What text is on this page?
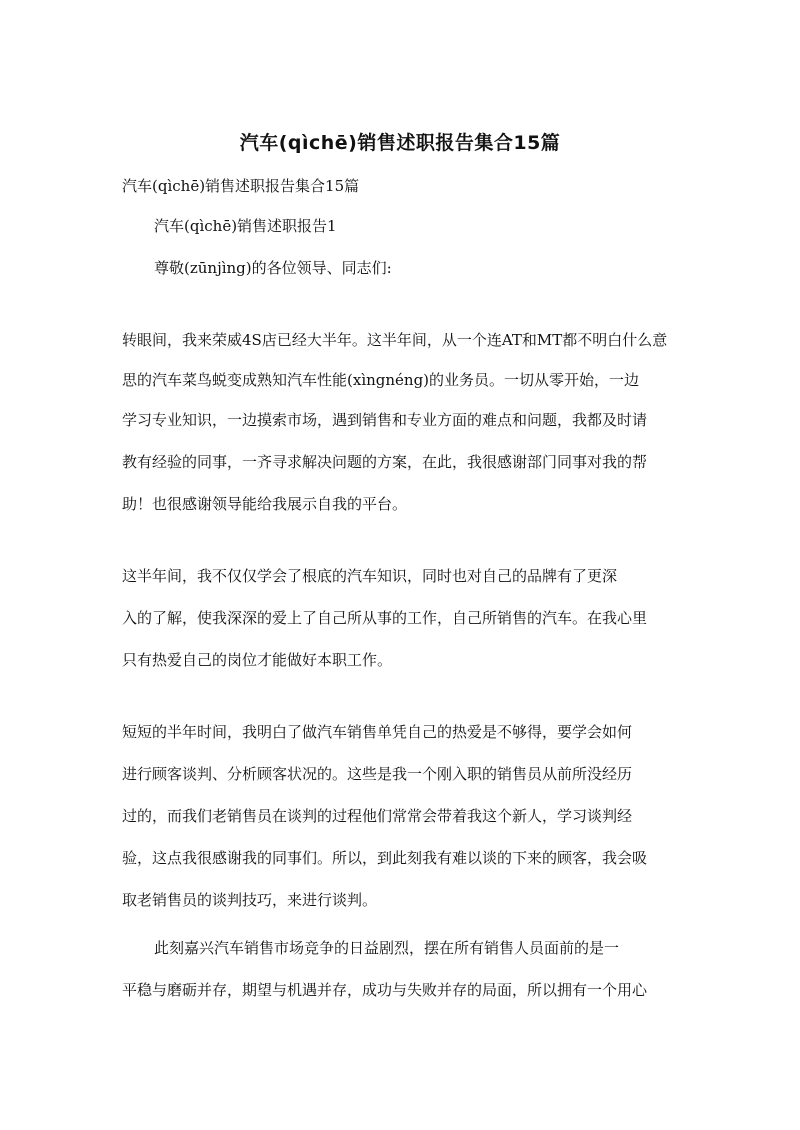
汽车(qìchē)销售述职报告集合15篇
汽车(qìchē)销售述职报告集合15篇
汽车(qìchē)销售述职报告1
尊敬(zūnjìng)的各位领导、同志们:
转眼间，我来荣威4S店已经大半年。这半年间，从一个连AT和MT都不明白什么意
思的汽车菜鸟蜕变成熟知汽车性能(xìngnéng)的业务员。一切从零开始，一边
学习专业知识，一边摸索市场，遇到销售和专业方面的难点和问题，我都及时请
教有经验的同事，一齐寻求解决问题的方案，在此，我很感谢部门同事对我的帮
助！也很感谢领导能给我展示自我的平台。
这半年间，我不仅仅学会了根底的汽车知识，同时也对自己的品牌有了更深
入的了解，使我深深的爱上了自己所从事的工作，自己所销售的汽车。在我心里
只有热爱自己的岗位才能做好本职工作。
短短的半年时间，我明白了做汽车销售单凭自己的热爱是不够得，要学会如何
进行顾客谈判、分析顾客状况的。这些是我一个刚入职的销售员从前所没经历
过的，而我们老销售员在谈判的过程他们常常会带着我这个新人，学习谈判经
验，这点我很感谢我的同事们。所以，到此刻我有难以谈的下来的顾客，我会吸
取老销售员的谈判技巧，来进行谈判。
此刻嘉兴汽车销售市场竞争的日益剧烈，摆在所有销售人员面前的是一
平稳与磨砺并存，期望与机遇并存，成功与失败并存的局面，所以拥有一个用心
